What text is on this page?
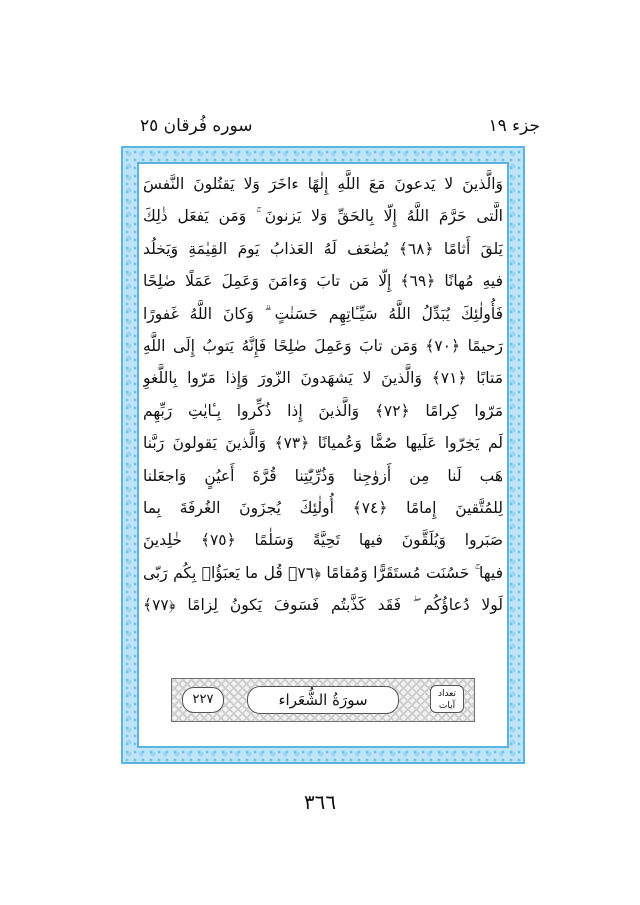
جزء ١٩
سوره فُرقان ٢٥
وَالَّذينَ لا يَدعونَ مَعَ اللَّهِ إِلٰهًا ءاخَرَ وَلا يَقتُلونَ النَّفسَ
الَّتى حَرَّمَ اللَّهُ إِلّا بِالحَقِّ وَلا يَزنونَ ۚ وَمَن يَفعَل ذٰلِكَ
يَلقَ أَثامًا ﴿٦٨﴾ يُضٰعَف لَهُ العَذابُ يَومَ القِيٰمَةِ وَيَخلُد
فيهِ مُهانًا ﴿٦٩﴾ إِلّا مَن تابَ وَءامَنَ وَعَمِلَ عَمَلًا صٰلِحًا
فَأُولٰئِكَ يُبَدِّلُ اللَّهُ سَيِّـٔاتِهِم حَسَنٰتٍ ۗ وَكانَ اللَّهُ غَفورًا
رَحيمًا ﴿٧٠﴾ وَمَن تابَ وَعَمِلَ صٰلِحًا فَإِنَّهُ يَتوبُ إِلَى اللَّهِ
مَتابًا ﴿٧١﴾ وَالَّذينَ لا يَشهَدونَ الزّورَ وَإِذا مَرّوا بِاللَّغوِ
مَرّوا كِرامًا ﴿٧٢﴾ وَالَّذينَ إِذا ذُكِّروا بِـٔايٰتِ رَبِّهِم
لَم يَخِرّوا عَلَيها صُمًّا وَعُميانًا ﴿٧٣﴾ وَالَّذينَ يَقولونَ رَبَّنا
هَب لَنا مِن أَزوٰجِنا وَذُرِّيّٰتِنا قُرَّةَ أَعيُنٍ وَاجعَلنا
لِلمُتَّقينَ إِمامًا ﴿٧٤﴾ أُولٰئِكَ يُجزَونَ الغُرفَةَ بِما
صَبَروا وَيُلَقَّونَ فيها تَحِيَّةً وَسَلٰمًا ﴿٧٥﴾ خٰلِدينَ
فيها ۚ حَسُنَت مُستَقَرًّا وَمُقامًا ﴿٧٦﴾ قُل ما يَعبَؤُا۟ بِكُم رَبّى
لَولا دُعاؤُكُم ۖ فَقَد كَذَّبتُم فَسَوفَ يَكونُ لِزامًا ﴿٧٧﴾
٢٢٧	سورَةُ الشُّعَراء	تعداد آیات
٣٦٦
